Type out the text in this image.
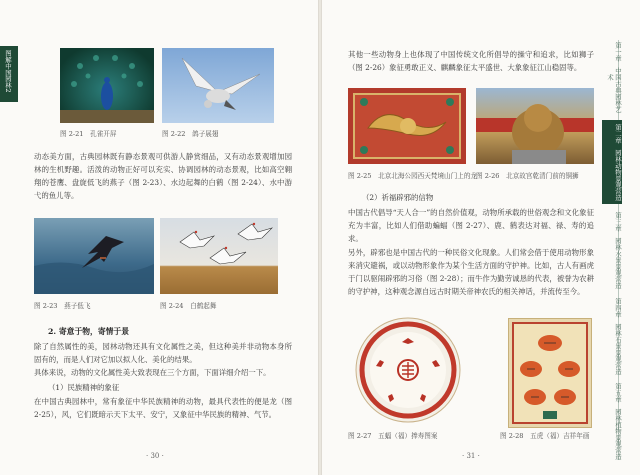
图解中国园林2
图 2-21　孔雀开屏	图 2-22　鸽子展翅
动态美方面，古典园林既有静态景观可供游人静赏细品，又有动态景观增加园林的生机野趣。活泼的动物正好可以充实、协调园林的动态景观，比如高空翱翔的苍鹰、盘旋低飞的燕子（图 2-23）、水边起舞的白鹤（图 2-24）、水中游弋的鱼儿等。
图 2-23　燕子低飞	图 2-24　白鹤起舞
2. 寄意于物，寄情于景
除了自然属性的美，园林动物还具有文化属性之美，但这种美并非动物本身所固有的，而是人们对它加以拟人化、美化的结果。
具体来说，动物的文化属性美大致表现在三个方面，下面详细介绍一下。
（1）民族精神的象征
在中国古典园林中，常有象征中华民族精神的动物，最具代表性的便是龙（图 2-25），风，它们既暗示天下太平、安宁，又象征中华民族的精神、气节。
· 30 ·
其他一些动物身上也体现了中国传统文化所倡导的操守和追求，比如狮子（图 2-26）象征勇敢正义、麒麟象征太平盛世、大象象征江山稳固等。
图 2-25　北京北海公园西天梵境山门上的龙
图 2-26　北京故宫乾清门前的铜狮
（2）祈福辟邪的信物
中国古代倡导“天人合一”的自然价值观，动物所承载的世俗观念和文化象征充为丰富，比如人们借助蝙蝠（图 2-27）、鹿、鹤表达对福、禄、寿的追求。
另外，辟邪也是中国古代的一种民俗文化现象。人们常会借于使用动物形象来消灾避祸，或以动物形象作为某个生活方面的守护神。比如，古人有画虎于门以驱闹辟邪的习俗（图 2-28）；而牛作为勤劳诚恳的代表，被誉为农耕的守护神，这种观念源自远古时期关帝神农氏的相关神话，并流传至今。
图 2-27　五蝠（福）捧寿图案	图 2-28　五虎（福）吉祥年画
· 31 ·
第一章　中国古典园林艺术
第二章　园林动物景观营造
第三章　园林水景景观营造
第四章　园林石景景观营造
第五章　园林植物景观营造
